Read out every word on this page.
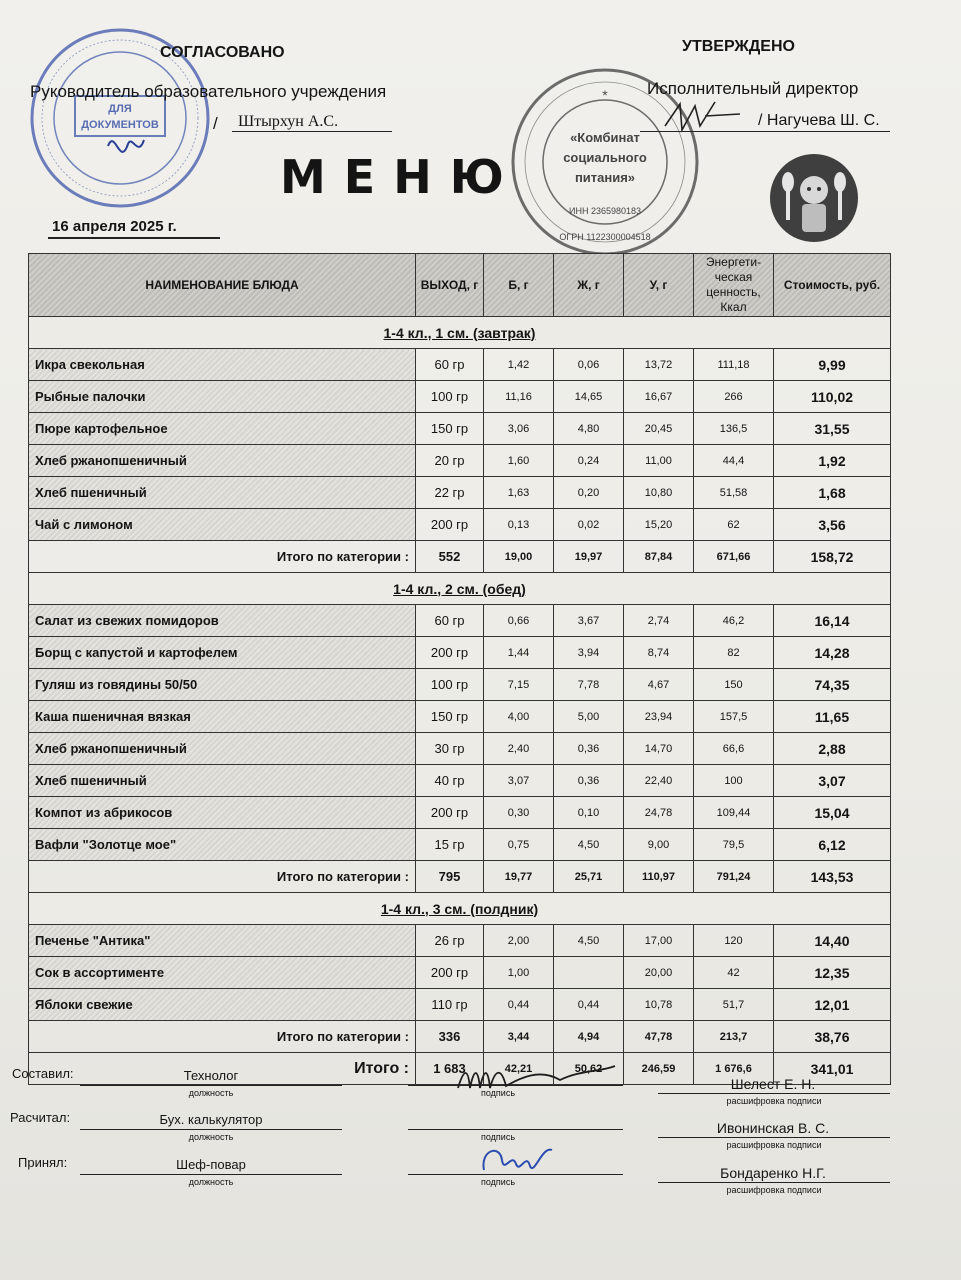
ДЛЯ
ДОКУМЕНТОВ
*
«Комбинат
социального
питания»
ИНН 2365980183
ОГРН 1122300004518
СОГЛАСОВАНО
Руководитель образовательного учреждения
/ Штырхун А.С.
УТВЕРЖДЕНО
Исполнительный директор
/ Нагучева Ш. С.
МЕНЮ
16 апреля 2025 г.
НАИМЕНОВАНИЕ БЛЮДА	ВЫХОД, г	Б, г	Ж, г	У, г	Энергети-ческая ценность, Ккал	Стоимость, руб.
1-4 кл., 1 см. (завтрак)						
Икра свекольная	60 гр	1,42	0,06	13,72	111,18	9,99
Рыбные палочки	100 гр	11,16	14,65	16,67	266	110,02
Пюре картофельное	150 гр	3,06	4,80	20,45	136,5	31,55
Хлеб ржанопшеничный	20 гр	1,60	0,24	11,00	44,4	1,92
Хлеб пшеничный	22 гр	1,63	0,20	10,80	51,58	1,68
Чай с лимоном	200 гр	0,13	0,02	15,20	62	3,56
Итого по категории :	552	19,00	19,97	87,84	671,66	158,72
1-4 кл., 2 см. (обед)						
Салат из свежих помидоров	60 гр	0,66	3,67	2,74	46,2	16,14
Борщ с капустой и картофелем	200 гр	1,44	3,94	8,74	82	14,28
Гуляш из говядины 50/50	100 гр	7,15	7,78	4,67	150	74,35
Каша пшеничная вязкая	150 гр	4,00	5,00	23,94	157,5	11,65
Хлеб ржанопшеничный	30 гр	2,40	0,36	14,70	66,6	2,88
Хлеб пшеничный	40 гр	3,07	0,36	22,40	100	3,07
Компот из абрикосов	200 гр	0,30	0,10	24,78	109,44	15,04
Вафли "Золотце мое"	15 гр	0,75	4,50	9,00	79,5	6,12
Итого по категории :	795	19,77	25,71	110,97	791,24	143,53
1-4 кл., 3 см. (полдник)						
Печенье "Антика"	26 гр	2,00	4,50	17,00	120	14,40
Сок в ассортименте	200 гр	1,00		20,00	42	12,35
Яблоки свежие	110 гр	0,44	0,44	10,78	51,7	12,01
Итого по категории :	336	3,44	4,94	47,78	213,7	38,76
Итого :	1 683	42,21	50,62	246,59	1 676,6	341,01
Составил:	Технолог
должность	подпись
Шелест Е. Н.
расшифровка подписи
Расчитал:	Бух. калькулятор
должность	подпись
Ивонинская В. С.
расшифровка подписи
Принял:	Шеф-повар
должность	подпись
Бондаренко Н.Г.
расшифровка подписи
